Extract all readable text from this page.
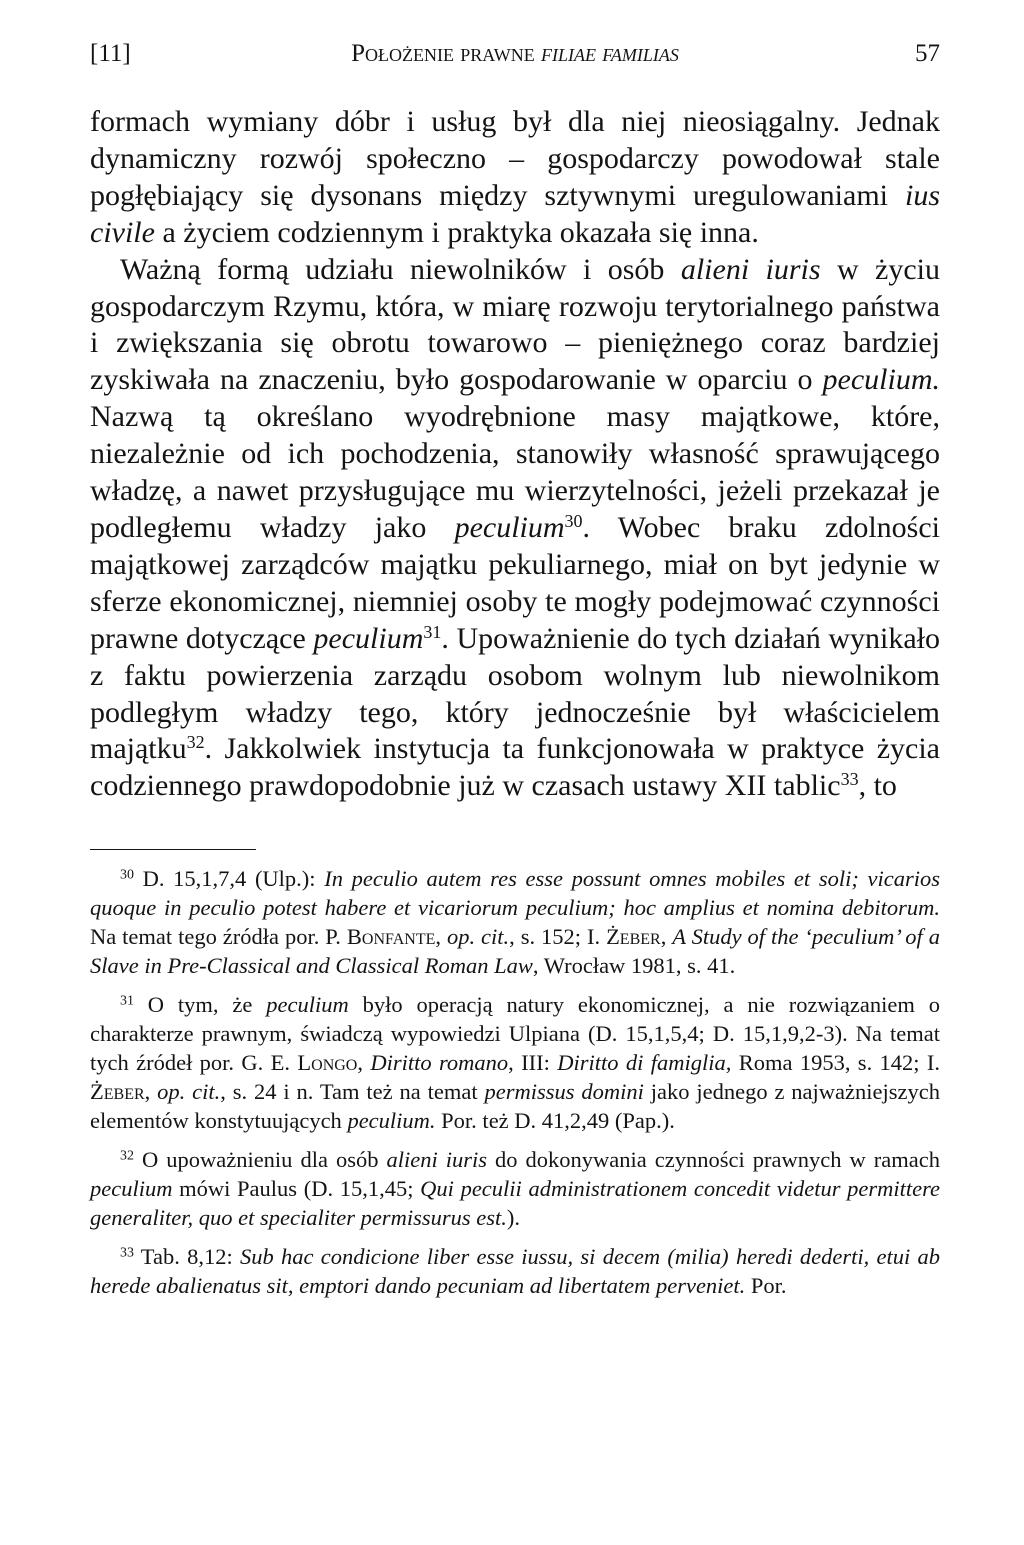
[11]	Położenie prawne filiae familias	57

formach wymiany dóbr i usług był dla niej nieosiągalny. Jednak dynamiczny rozwój społeczno – gospodarczy powodował stale pogłębiający się dysonans między sztywnymi uregulowaniami ius civile a życiem codziennym i praktyka okazała się inna.

Ważną formą udziału niewolników i osób alieni iuris w życiu gospodarczym Rzymu, która, w miarę rozwoju terytorialnego państwa i zwiększania się obrotu towarowo – pieniężnego coraz bardziej zyskiwała na znaczeniu, było gospodarowanie w oparciu o peculium. Nazwą tą określano wyodrębnione masy majątkowe, które, niezależnie od ich pochodzenia, stanowiły własność sprawującego władzę, a nawet przysługujące mu wierzytelności, jeżeli przekazał je podległemu władzy jako peculium$^{30}$. Wobec braku zdolności majątkowej zarządców majątku pekuliarnego, miał on byt jedynie w sferze ekonomicznej, niemniej osoby te mogły podejmować czynności prawne dotyczące peculium$^{31}$. Upoważnienie do tych działań wynikało z faktu powierzenia zarządu osobom wolnym lub niewolnikom podległym władzy tego, który jednocześnie był właścicielem majątku$^{32}$. Jakkolwiek instytucja ta funkcjonowała w praktyce życia codziennego prawdopodobnie już w czasach ustawy XII tablic$^{33}$, to

$^{30}$ D. 15,1,7,4 (Ulp.): In peculio autem res esse possunt omnes mobiles et soli; vicarios quoque in peculio potest habere et vicariorum peculium; hoc amplius et nomina debitorum. Na temat tego źródła por. P. Bonfante, op. cit., s. 152; I. Żeber, A Study of the ‘peculium’ of a Slave in Pre-Classical and Classical Roman Law, Wrocław 1981, s. 41.

$^{31}$ O tym, że peculium było operacją natury ekonomicznej, a nie rozwiązaniem o charakterze prawnym, świadczą wypowiedzi Ulpiana (D. 15,1,5,4; D. 15,1,9,2-3). Na temat tych źródeł por. G. E. Longo, Diritto romano, III: Diritto di famiglia, Roma 1953, s. 142; I. Żeber, op. cit., s. 24 i n. Tam też na temat permissus domini jako jednego z najważniejszych elementów konstytuujących peculium. Por. też D. 41,2,49 (Pap.).

$^{32}$ O upoważnieniu dla osób alieni iuris do dokonywania czynności prawnych w ramach peculium mówi Paulus (D. 15,1,45; Qui peculii administrationem concedit videtur permittere generaliter, quo et specialiter permissurus est.).

$^{33}$ Tab. 8,12: Sub hac condicione liber esse iussu, si decem (milia) heredi dederti, etui ab herede abalienatus sit, emptori dando pecuniam ad libertatem perveniet. Por.
